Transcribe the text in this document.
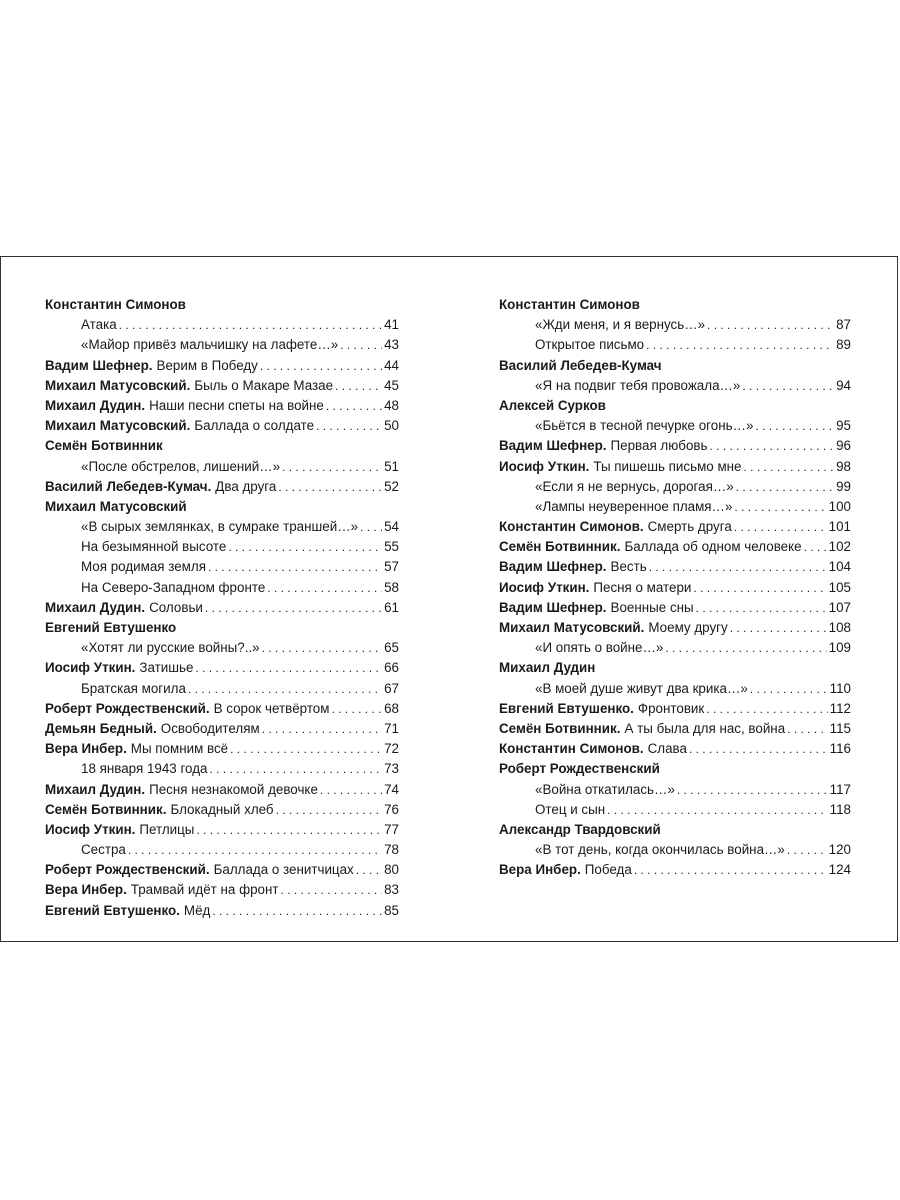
Константин Симонов
Атака . . .	41
«Майор привёз мальчишку на лафете…» . . .	43
Вадим Шефнер. Верим в Победу . . .	44
Михаил Матусовский. Быль о Макаре Мазае . . .	45
Михаил Дудин. Наши песни спеты на войне . . .	48
Михаил Матусовский. Баллада о солдате . . .	50
Семён Ботвинник
«После обстрелов, лишений…» . . .	51
Василий Лебедев-Кумач. Два друга . . .	52
Михаил Матусовский
«В сырых землянках, в сумраке траншей…» . . . 54
На безымянной высоте . . .	55
Моя родимая земля . . .	57
На Северо-Западном фронте . . .	58
Михаил Дудин. Соловьи . . .	61
Евгений Евтушенко
«Хотят ли русские войны?..» . . .	65
Иосиф Уткин. Затишье . . .	66
Братская могила . . .	67
Роберт Рождественский. В сорок четвёртом . . .	68
Демьян Бедный. Освободителям . . .	71
Вера Инбер. Мы помним всё . . .	72
18 января 1943 года . . .	73
Михаил Дудин. Песня незнакомой девочке . . .	74
Семён Ботвинник. Блокадный хлеб . . .	76
Иосиф Уткин. Петлицы . . .	77
Сестра . . .	78
Роберт Рождественский. Баллада о зенитчицах . . . 80
Вера Инбер. Трамвай идёт на фронт . . .	83
Евгений Евтушенко. Мёд . . .	85
Константин Симонов
«Жди меня, и я вернусь…» . . .	87
Открытое письмо . . .	89
Василий Лебедев-Кумач
«Я на подвиг тебя провожала…» . . .	94
Алексей Сурков
«Бьётся в тесной печурке огонь…» . . .	95
Вадим Шефнер. Первая любовь . . .	96
Иосиф Уткин. Ты пишешь письмо мне . . .	98
«Если я не вернусь, дорогая…» . . .	99
«Лампы неуверенное пламя…» . . .	100
Константин Симонов. Смерть друга . . .	101
Семён Ботвинник. Баллада об одном человеке . . . 102
Вадим Шефнер. Весть . . .	104
Иосиф Уткин. Песня о матери . . .	105
Вадим Шефнер. Военные сны . . .	107
Михаил Матусовский. Моему другу . . .	108
«И опять о войне…» . . .	109
Михаил Дудин
«В моей душе живут два крика…» . . .	110
Евгений Евтушенко. Фронтовик . . .	112
Семён Ботвинник. А ты была для нас, война . . .	115
Константин Симонов. Слава . . .	116
Роберт Рождественский
«Война откатилась…» . . .	117
Отец и сын . . .	118
Александр Твардовский
«В тот день, когда окончилась война…» . . .	120
Вера Инбер. Победа . . .	124
